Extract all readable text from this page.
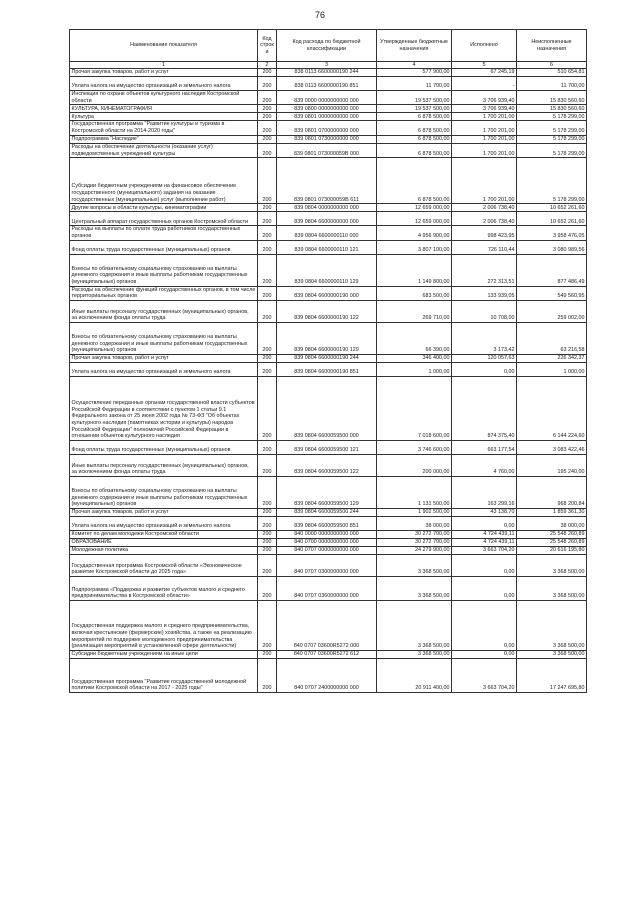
76
Наименование показателя	Код строк и	Код расхода по бюджетной классификации	Утвержденные бюджетные назначения	Исполнено	Неисполненные назначения
1	2	3	4	5	6
Прочая закупка товаров, работ и услуг	200	838 0113 6600000190 244	577 900,00	67 245,19	510 654,81
Уплата налога на имущество организаций и земельного налога	200	838 0113 6600000190 851	11 700,00	-	11 700,00
Инспекция по охране объектов культурного наследия Костромской области	200	839 0000 0000000000 000	19 537 500,00	3 706 939,40	15 830 560,60
КУЛЬТУРА, КИНЕМАТОГРАФИЯ	200	839 0800 0000000000 000	19 537 500,00	3 706 939,40	15 830 560,60
Культура	200	839 0801 0000000000 000	6 878 500,00	1 700 201,00	5 178 299,00
Государственная программа "Развитие культуры и туризма в Костромской области на 2014-2020 годы"	200	839 0801 0700000000 000	6 878 500,00	1 700 201,00	5 178 299,00
Подпрограмма "Наследие"	200	839 0801 0730000000 000	6 878 500,00	1 700 201,00	5 178 299,00
Расходы на обеспечение деятельности (оказание услуг) подведомственных учреждений культуры	200	839 0801 073000059B 000	6 878 500,00	1 700 201,00	5 178 299,00
Субсидии бюджетным учреждениям на финансовое обеспечение государственного (муниципального) задания на оказание государственных (муниципальных) услуг (выполнение работ)	200	839 0801 073000059B 611	6 878 500,00	1 700 201,00	5 178 299,00
Другие вопросы в области культуры, кинематографии	200	839 0804 0000000000 000	12 659 000,00	2 006 738,40	10 652 261,60
Центральный аппарат государственных органов Костромской области	200	839 0804 6600000000 000	12 659 000,00	2 006 738,40	10 652 261,60
Расходы на выплаты по оплате труда работников государственных органов	200	839 0804 6600000110 000	4 956 900,00	998 423,95	3 958 476,05
Фонд оплаты труда государственных (муниципальных) органов	200	839 0804 6600000110 121	3 807 100,00	726 110,44	3 080 989,56
Взносы по обязательному социальному страхованию на выплаты денежного содержания и иные выплаты работникам государственных (муниципальных) органов	200	839 0804 6600000110 129	1 149 800,00	272 313,51	877 486,49
Расходы на обеспечение функций государственных органов, в том числе территориальных органов	200	839 0804 6600000190 000	683 500,00	133 939,05	549 560,95
Иные выплаты персоналу государственных (муниципальных) органов, за исключением фонда оплаты труда	200	839 0804 6600000190 122	269 710,00	10 708,00	259 002,00
Взносы по обязательному социальному страхованию на выплаты денежного содержания и иные выплаты работникам государственных (муниципальных) органов	200	839 0804 6600000190 129	66 390,00	3 173,42	63 216,58
Прочая закупка товаров, работ и услуг	200	839 0804 6600000190 244	346 400,00	120 057,63	226 342,37
Уплата налога на имущество организаций и земельного налога	200	839 0804 6600000190 851	1 000,00	0,00	1 000,00
Осуществление переданных органам государственной власти субъектов Российской Федерации в соответствии с пунктом 1 статьи 9.1 Федерального закона от 25 июня 2002 года № 73-ФЗ "Об объектах культурного наследия (памятниках истории и культуры) народов Российской Федерации" полномочий Российской Федерации в отношении объектов культурного наследия	200	839 0804 6600059500 000	7 018 600,00	874 375,40	6 144 224,60
Фонд оплаты труда государственных (муниципальных) органов	200	839 0804 6600059500 121	3 746 600,00	663 177,54	3 083 422,46
Иные выплаты персоналу государственных (муниципальных) органов, за исключением фонда оплаты труда	200	839 0804 6600059500 122	200 000,00	4 760,00	195 240,00
Взносы по обязательному социальному страхованию на выплаты денежного содержания и иные выплаты работникам государственных (муниципальных) органов	200	839 0804 6600059500 129	1 131 500,00	163 299,16	968 200,84
Прочая закупка товаров, работ и услуг	200	839 0804 6600059500 244	1 902 500,00	43 138,70	1 859 361,30
Уплата налога на имущество организаций и земельного налога	200	839 0804 6600059500 851	38 000,00	0,00	38 000,00
Комитет по делам молодежи Костромской области	200	840 0000 0000000000 000	30 272 700,00	4 724 439,11	25 548 260,89
ОБРАЗОВАНИЕ	200	840 0700 0000000000 000	30 272 700,00	4 724 439,11	25 548 260,89
Молодежная политика	200	840 0707 0000000000 000	24 279 900,00	3 663 704,20	20 616 195,80
Государственная программа Костромской области «Экономическое развитие Костромской области до 2025 года»	200	840 0707 0300000000 000	3 368 500,00	0,00	3 368 500,00
Подпрограмма «Поддержка и развитие субъектов малого и среднего предпринимательства в Костромской области»	200	840 0707 0360000000 000	3 368 500,00	0,00	3 368 500,00
Государственная поддержка малого и среднего предпринимательства, включая крестьянские (фермерские) хозяйства, а также на реализацию мероприятий по поддержке молодежного предпринимательства (реализация мероприятий в установленной сфере деятельности)	200	840 0707 03600R5272 000	3 368 500,00	0,00	3 368 500,00
Субсидии бюджетным учреждениям на иные цели	200	840 0707 03600R5272 612	3 368 500,00	0,00	3 368 500,00
Государственная программа "Развитие государственной молодежной политики Костромской области на 2017 - 2025 годы"	200	840 0707 2400000000 000	20 911 400,00	3 663 704,20	17 247 695,80
